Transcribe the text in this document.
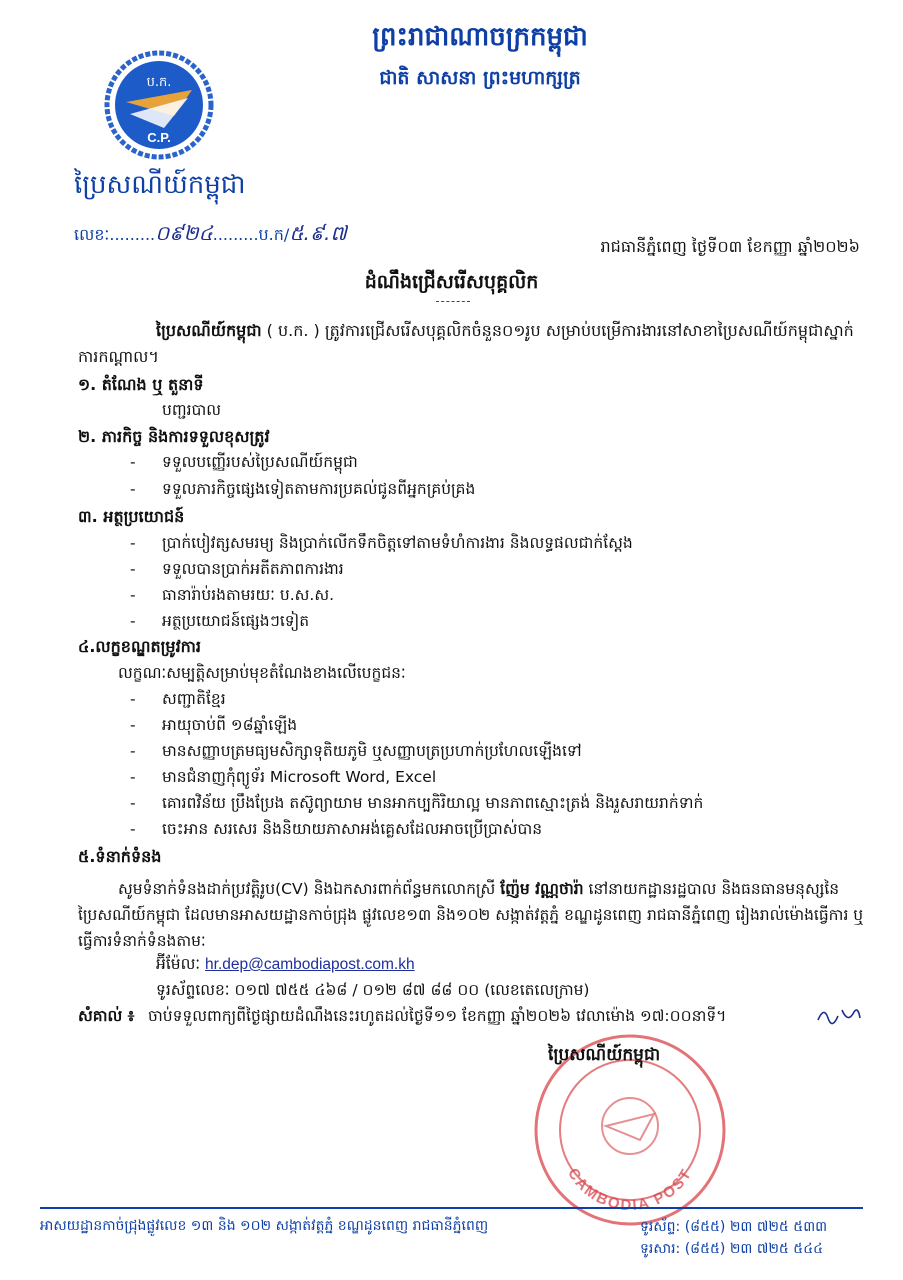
ព្រះរាជាណាចក្រកម្ពុជា
ជាតិ សាសនា ព្រះមហាក្សត្រ
ប.ក.
C.P.
ប្រៃសណីយ៍កម្ពុជា
លេខៈ.........០៩២៤.........ប.ក/៥.៩.៧
រាជធានីភ្នំពេញ ថ្ងៃទី០៣ ខែកញ្ញា ឆ្នាំ២០២៦
ដំណឹងជ្រើសរើសបុគ្គលិក
ប្រៃសណីយ៍កម្ពុជា ( ប.ក. ) ត្រូវការជ្រើសរើសបុគ្គលិកចំនួន០១រូប សម្រាប់បម្រើការងារនៅសាខាប្រៃសណីយ៍កម្ពុជាស្នាក់ការកណ្ដាល។
១. តំណែង ឬ តួនាទី
បញ្ជរបាល
២. ភារកិច្ច និងការទទួលខុសត្រូវ
- ទទួលបញ្ញើរបស់ប្រៃសណីយ៍កម្ពុជា
- ទទួលភារកិច្ចផ្សេងទៀតតាមការប្រគល់ជូនពីអ្នកគ្រប់គ្រង
៣. អត្ថប្រយោជន៍
- ប្រាក់បៀវត្សសមរម្យ និងប្រាក់លើកទឹកចិត្តទៅតាមទំហំការងារ និងលទ្ធផលជាក់ស្ដែង
- ទទួលបានប្រាក់អតីតភាពការងារ
- ធានារ៉ាប់រងតាមរយៈ ប.ស.ស.
- អត្ថប្រយោជន៍ផ្សេងៗទៀត
៤.លក្ខខណ្ឌតម្រូវការ
លក្ខណៈសម្បត្តិសម្រាប់មុខតំណែងខាងលើបេក្ខជនៈ
- សញ្ជាតិខ្មែរ
- អាយុចាប់ពី ១៨ឆ្នាំឡើង
- មានសញ្ញាបត្រមធ្យមសិក្សាទុតិយភូមិ ឬសញ្ញាបត្រប្រហាក់ប្រហែលឡើងទៅ
- មានជំនាញកុំព្យូទ័រ Microsoft Word, Excel
- គោរពវិន័យ ប្រឹងប្រែង តស៊ូព្យាយាម មានអាកប្បកិរិយាល្អ មានភាពស្មោះត្រង់ និងរួសរាយរាក់ទាក់
- ចេះអាន សរសេរ និងនិយាយភាសាអង់គ្លេសដែលអាចប្រើប្រាស់បាន
៥.ទំនាក់ទំនង
សូមទំនាក់ទំនងដាក់ប្រវត្តិរូប(CV) និងឯកសារពាក់ព័ន្ធមកលោកស្រី ញ៉ែម វណ្ណថារ៉ា នៅនាយកដ្ឋានរដ្ឋបាល និងធនធានមនុស្សនៃប្រៃសណីយ៍កម្ពុជា ដែលមានអាសយដ្ឋានកាច់ជ្រុង ផ្លូវលេខ១៣ និង១០២ សង្កាត់វត្តភ្នំ ខណ្ឌដូនពេញ រាជធានីភ្នំពេញ រៀងរាល់ម៉ោងធ្វើការ ឬធ្វើការទំនាក់ទំនងតាមៈ
អ៊ីម៉ែលៈ hr.dep@cambodiapost.com.kh
ទូរស័ព្ទលេខៈ ០១៧ ៧៥៥ ៤៦៨ / ០១២ ៨៧ ៨៨ ០០ (លេខតេលេក្រាម)
សំគាល់ ៖ ចាប់ទទួលពាក្យពីថ្ងៃផ្សាយដំណឹងនេះរហូតដល់ថ្ងៃទី១១ ខែកញ្ញា ឆ្នាំ២០២៦ វេលាម៉ោង ១៧:០០នាទី។
CAMBODIA POST
ប្រៃសណីយ៍កម្ពុជា
អាសយដ្ឋានកាច់ជ្រុងផ្លូវលេខ ១៣ និង ១០២ សង្កាត់វត្តភ្នំ ខណ្ឌដូនពេញ រាជធានីភ្នំពេញ	ទូរស័ព្ទ: (៨៥៥) ២៣ ៧២៥ ៥៣៣
ទូរសារ: (៨៥៥) ២៣ ៧២៥ ៥៤៤
